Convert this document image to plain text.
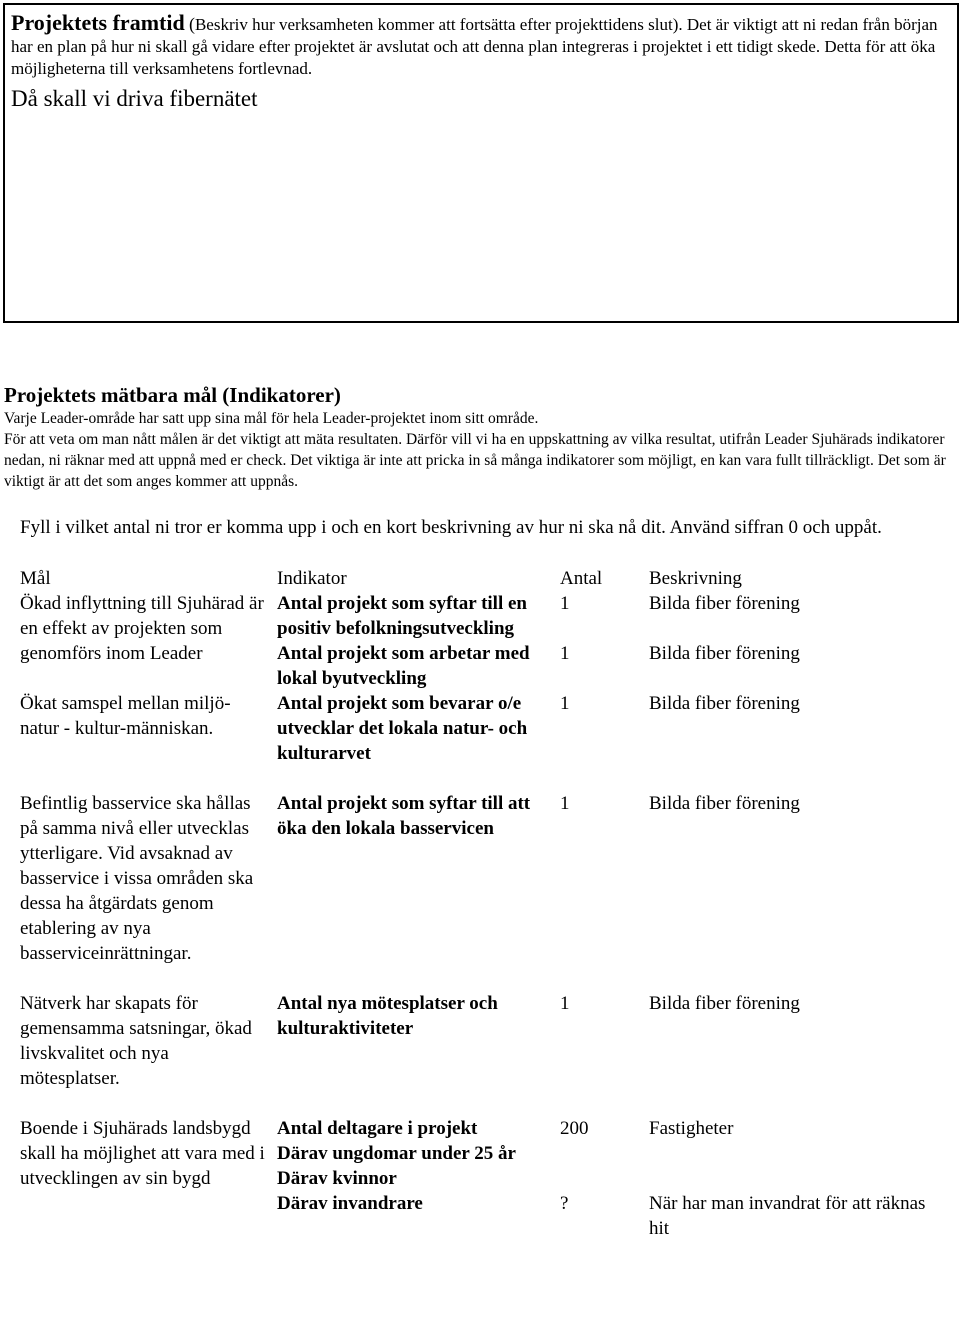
Projektets framtid (Beskriv hur verksamheten kommer att fortsätta efter projekttidens slut). Det är viktigt att ni redan från början har en plan på hur ni skall gå vidare efter projektet är avslutat och att denna plan integreras i projektet i ett tidigt skede. Detta för att öka möjligheterna till verksamhetens fortlevnad.
Då skall vi driva fibernätet
Projektets mätbara mål (Indikatorer)
Varje Leader-område har satt upp sina mål för hela Leader-projektet inom sitt område.
För att veta om man nått målen är det viktigt att mäta resultaten. Därför vill vi ha en uppskattning av vilka resultat, utifrån Leader Sjuhärads indikatorer nedan, ni räknar med att uppnå med er check. Det viktiga är inte att pricka in så många indikatorer som möjligt, en kan vara fullt tillräckligt. Det som är viktigt är att det som anges kommer att uppnås.
Fyll i vilket antal ni tror er komma upp i och en kort beskrivning av hur ni ska nå dit. Använd siffran 0 och uppåt.
Mål	Indikator	Antal	Beskrivning
Ökad inflyttning till Sjuhärad är en effekt av projekten som genomförs inom Leader	Antal projekt som syftar till en positiv befolkningsutveckling	1	Bilda fiber förening
	Antal projekt som arbetar med lokal byutveckling	1	Bilda fiber förening
Ökat samspel mellan miljö- natur - kultur-människan.	Antal projekt som bevarar o/e utvecklar det lokala natur- och kulturarvet	1	Bilda fiber förening

Befintlig basservice ska hållas på samma nivå eller utvecklas ytterligare. Vid avsaknad av basservice i vissa områden ska dessa ha åtgärdats genom etablering av nya basserviceinrättningar.	Antal projekt som syftar till att öka den lokala basservicen	1	Bilda fiber förening

Nätverk har skapats för gemensamma satsningar, ökad livskvalitet och nya mötesplatser.	Antal nya mötesplatser och kulturaktiviteter	1	Bilda fiber förening

Boende i Sjuhärads landsbygd skall ha möjlighet att vara med i utvecklingen av sin bygd	Antal deltagare i projekt	200	Fastigheter
	Därav ungdomar under 25 år		
	Därav kvinnor		
	Därav invandrare	?	När har man invandrat för att räknas hit
